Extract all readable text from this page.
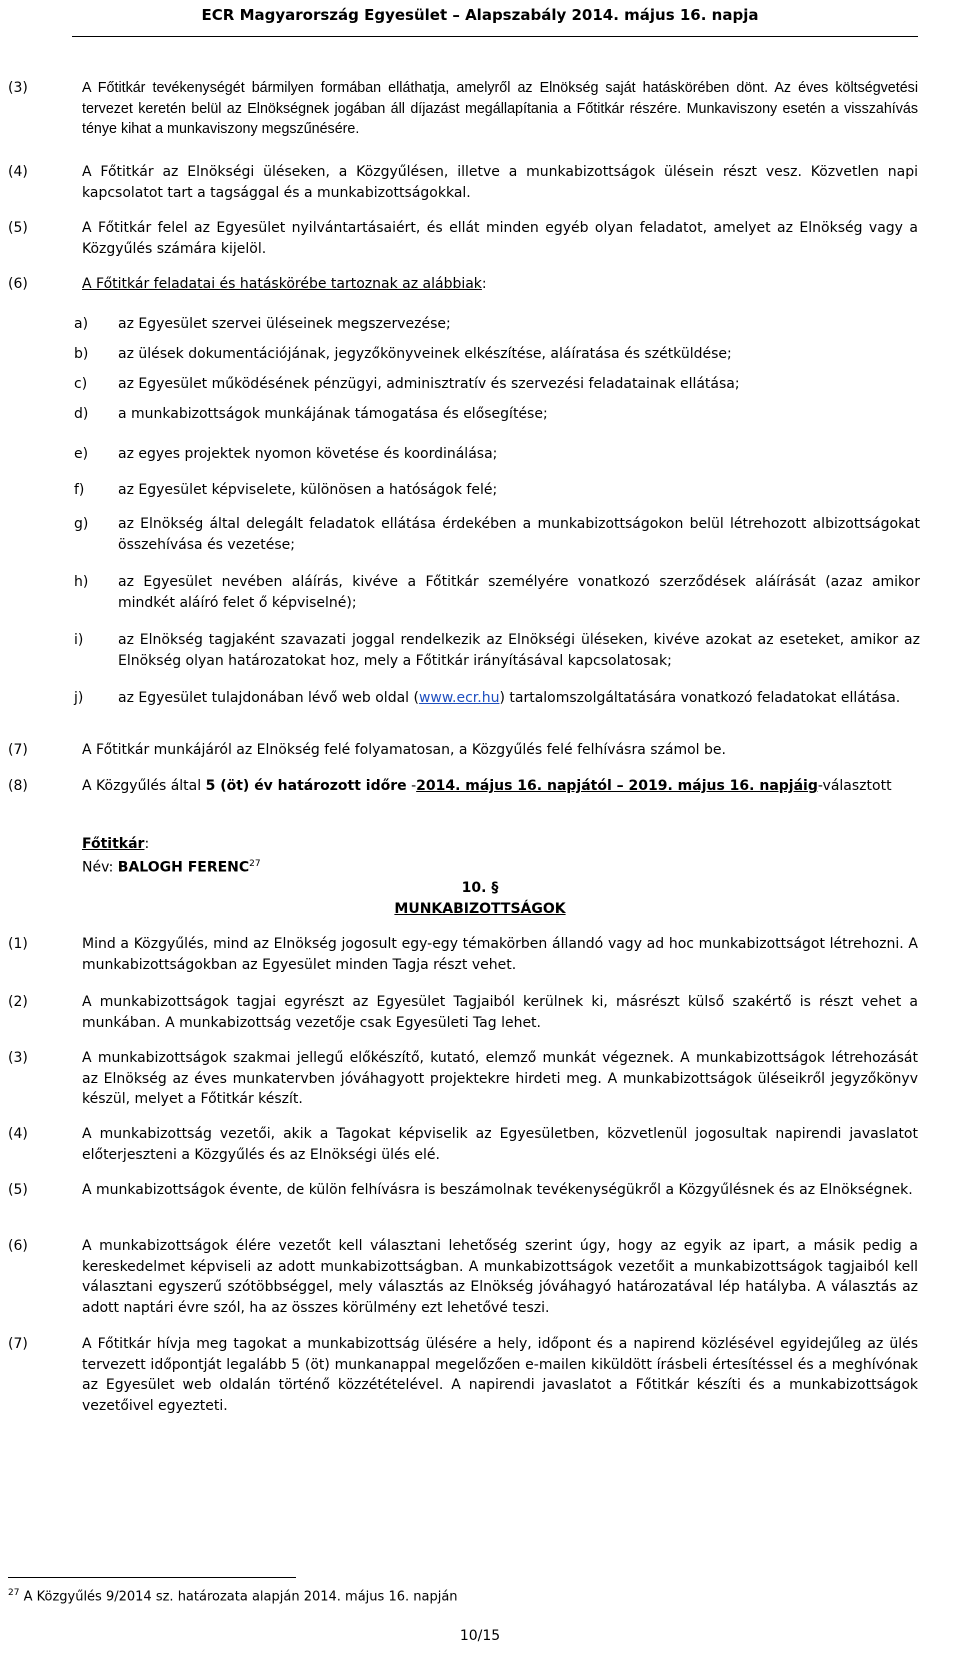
ECR Magyarország Egyesület – Alapszabály 2014. május 16. napja
(3)	A Főtitkár tevékenységét bármilyen formában elláthatja, amelyről az Elnökség saját hatáskörében dönt. Az éves költségvetési tervezet keretén belül az Elnökségnek jogában áll díjazást megállapítania a Főtitkár részére. Munkaviszony esetén a visszahívás ténye kihat a munkaviszony megszűnésére.
(4)	A Főtitkár az Elnökségi üléseken, a Közgyűlésen, illetve a munkabizottságok ülésein részt vesz. Közvetlen napi kapcsolatot tart a tagsággal és a munkabizottságokkal.
(5)	A Főtitkár felel az Egyesület nyilvántartásaiért, és ellát minden egyéb olyan feladatot, amelyet az Elnökség vagy a Közgyűlés számára kijelöl.
(6)	A Főtitkár feladatai és hatáskörébe tartoznak az alábbiak:
a)	az Egyesület szervei üléseinek megszervezése;
b)	az ülések dokumentációjának, jegyzőkönyveinek elkészítése, aláíratása és szétküldése;
c)	az Egyesület működésének pénzügyi, adminisztratív és szervezési feladatainak ellátása;
d)	a munkabizottságok munkájának támogatása és elősegítése;
e)	az egyes projektek nyomon követése és koordinálása;
f)	az Egyesület képviselete, különösen a hatóságok felé;
g)	az Elnökség által delegált feladatok ellátása érdekében a munkabizottságokon belül létrehozott albizottságokat összehívása és vezetése;
h)	az Egyesület nevében aláírás, kivéve a Főtitkár személyére vonatkozó szerződések aláírását (azaz amikor mindkét aláíró felet ő képviselné);
i)	az Elnökség tagjaként szavazati joggal rendelkezik az Elnökségi üléseken, kivéve azokat az eseteket, amikor az Elnökség olyan határozatokat hoz, mely a Főtitkár irányításával kapcsolatosak;
j)	az Egyesület tulajdonában lévő web oldal (www.ecr.hu) tartalomszolgáltatására vonatkozó feladatokat ellátása.
(7)	A Főtitkár munkájáról az Elnökség felé folyamatosan, a Közgyűlés felé felhívásra számol be.
(8)	A Közgyűlés által 5 (öt) év határozott időre -2014. május 16. napjától – 2019. május 16. napjáig-választott
Főtitkár:
Név: BALOGH FERENC$^{27}$
10. §
MUNKABIZOTTSÁGOK
(1)	Mind a Közgyűlés, mind az Elnökség jogosult egy-egy témakörben állandó vagy ad hoc munkabizottságot létrehozni. A munkabizottságokban az Egyesület minden Tagja részt vehet.
(2)	A munkabizottságok tagjai egyrészt az Egyesület Tagjaiból kerülnek ki, másrészt külső szakértő is részt vehet a munkában. A munkabizottság vezetője csak Egyesületi Tag lehet.
(3)	A munkabizottságok szakmai jellegű előkészítő, kutató, elemző munkát végeznek. A munkabizottságok létrehozását az Elnökség az éves munkatervben jóváhagyott projektekre hirdeti meg. A munkabizottságok üléseikről jegyzőkönyv készül, melyet a Főtitkár készít.
(4)	A munkabizottság vezetői, akik a Tagokat képviselik az Egyesületben, közvetlenül jogosultak napirendi javaslatot előterjeszteni a Közgyűlés és az Elnökségi ülés elé.
(5)	A munkabizottságok évente, de külön felhívásra is beszámolnak tevékenységükről a Közgyűlésnek és az Elnökségnek.
(6)	A munkabizottságok élére vezetőt kell választani lehetőség szerint úgy, hogy az egyik az ipart, a másik pedig a kereskedelmet képviseli az adott munkabizottságban. A munkabizottságok vezetőit a munkabizottságok tagjaiból kell választani egyszerű szótöbbséggel, mely választás az Elnökség jóváhagyó határozatával lép hatályba. A választás az adott naptári évre szól, ha az összes körülmény ezt lehetővé teszi.
(7)	A Főtitkár hívja meg tagokat a munkabizottság ülésére a hely, időpont és a napirend közlésével egyidejűleg az ülés tervezett időpontját legalább 5 (öt) munkanappal megelőzően e-mailen kiküldött írásbeli értesítéssel és a meghívónak az Egyesület web oldalán történő közzétételével. A napirendi javaslatot a Főtitkár készíti és a munkabizottságok vezetőivel egyezteti.
$^{27}$ A Közgyűlés 9/2014 sz. határozata alapján 2014. május 16. napján
10/15
